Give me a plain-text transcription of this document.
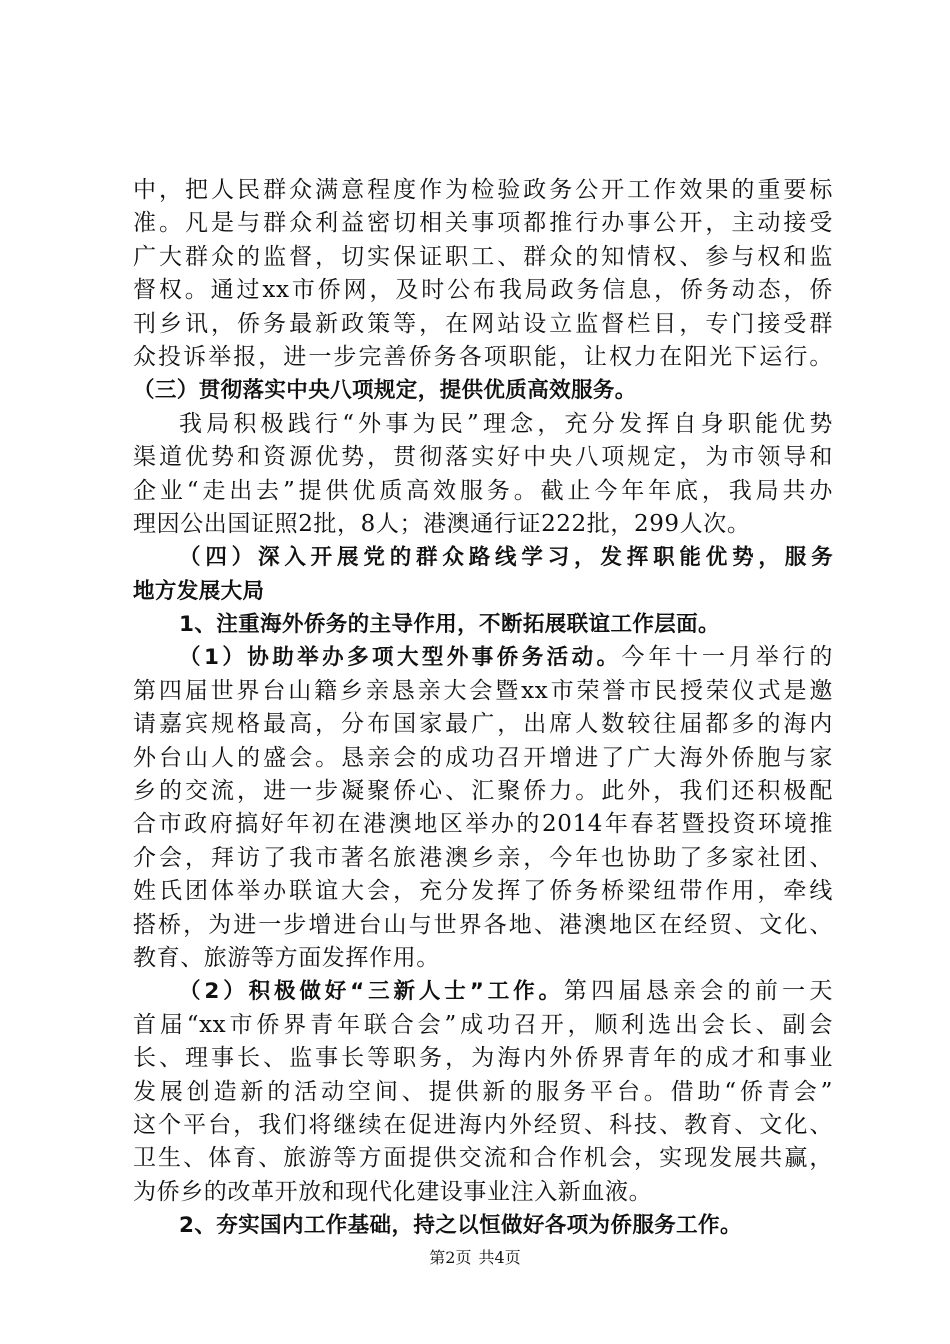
中，把人民群众满意程度作为检验政务公开工作效果的重要标
准。凡是与群众利益密切相关事项都推行办事公开，主动接受
广大群众的监督，切实保证职工、群众的知情权、参与权和监
督权。通过xx市侨网，及时公布我局政务信息，侨务动态，侨
刊乡讯，侨务最新政策等，在网站设立监督栏目，专门接受群
众投诉举报，进一步完善侨务各项职能，让权力在阳光下运行。
（三）贯彻落实中央八项规定，提供优质高效服务。
我局积极践行“外事为民”理念，充分发挥自身职能优势
渠道优势和资源优势，贯彻落实好中央八项规定，为市领导和
企业“走出去”提供优质高效服务。截止今年年底，我局共办
理因公出国证照2批，8人；港澳通行证222批，299人次。
（四）深入开展党的群众路线学习，发挥职能优势，服务
地方发展大局
1、注重海外侨务的主导作用，不断拓展联谊工作层面。
（1）协助举办多项大型外事侨务活动。今年十一月举行的
第四届世界台山籍乡亲恳亲大会暨xx市荣誉市民授荣仪式是邀
请嘉宾规格最高，分布国家最广，出席人数较往届都多的海内
外台山人的盛会。恳亲会的成功召开增进了广大海外侨胞与家
乡的交流，进一步凝聚侨心、汇聚侨力。此外，我们还积极配
合市政府搞好年初在港澳地区举办的2014年春茗暨投资环境推
介会，拜访了我市著名旅港澳乡亲，今年也协助了多家社团、
姓氏团体举办联谊大会，充分发挥了侨务桥梁纽带作用，牵线
搭桥，为进一步增进台山与世界各地、港澳地区在经贸、文化、
教育、旅游等方面发挥作用。
（2）积极做好“三新人士”工作。第四届恳亲会的前一天
首届“xx市侨界青年联合会”成功召开，顺利选出会长、副会
长、理事长、监事长等职务，为海内外侨界青年的成才和事业
发展创造新的活动空间、提供新的服务平台。借助“侨青会”
这个平台，我们将继续在促进海内外经贸、科技、教育、文化、
卫生、体育、旅游等方面提供交流和合作机会，实现发展共赢，
为侨乡的改革开放和现代化建设事业注入新血液。
2、夯实国内工作基础，持之以恒做好各项为侨服务工作。
第2页 共4页
